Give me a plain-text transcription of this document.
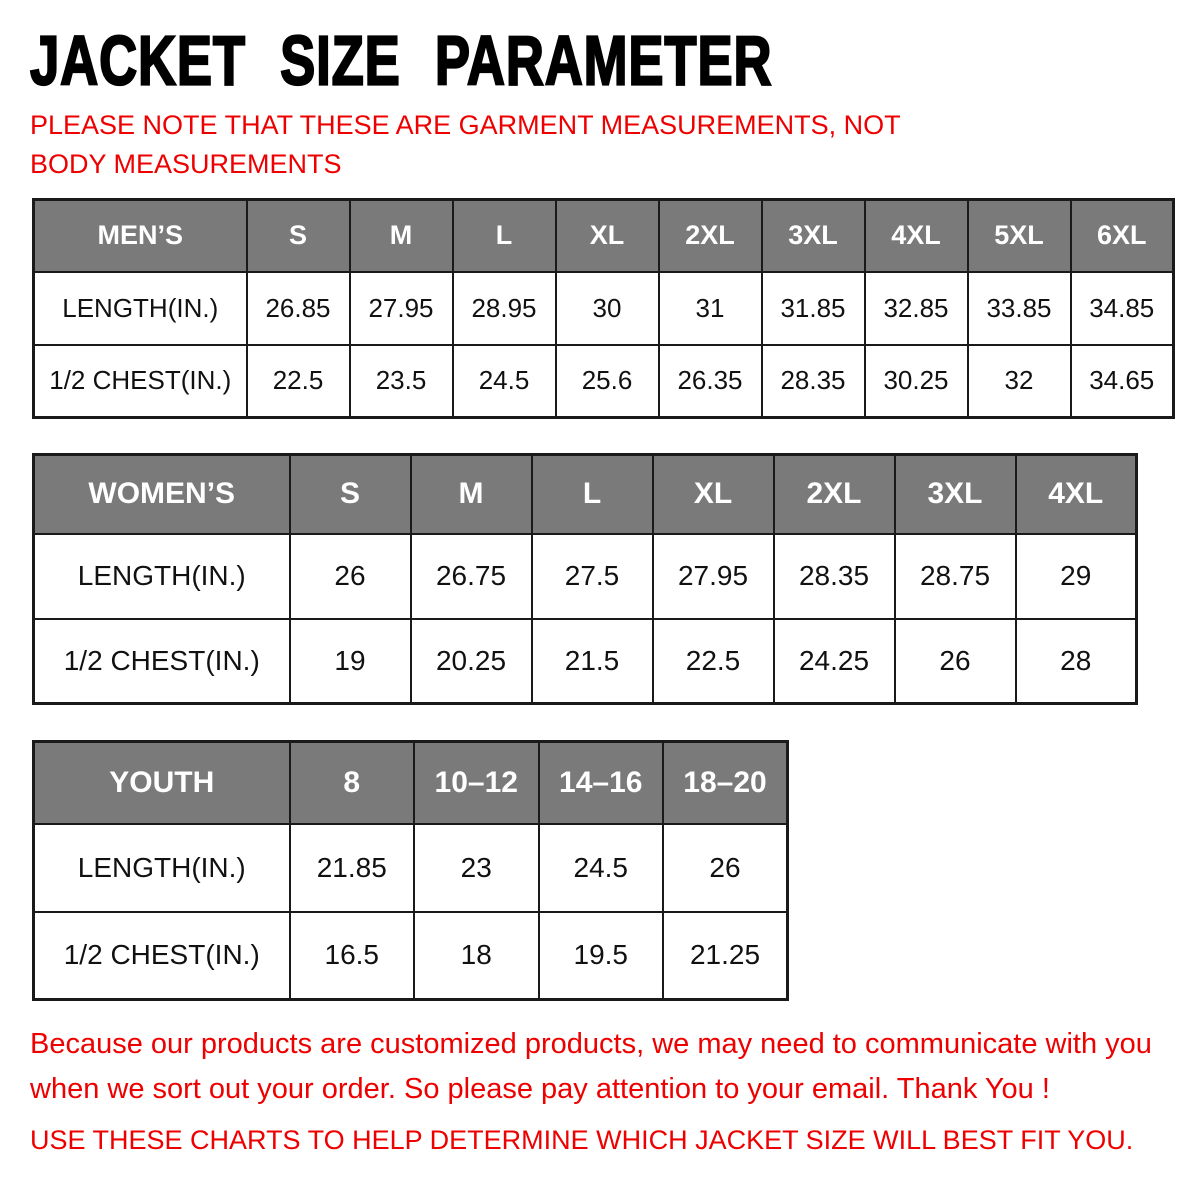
JACKET SIZE PARAMETER

PLEASE NOTE THAT THESE ARE GARMENT MEASUREMENTS, NOT BODY MEASUREMENTS

MEN’S	S	M	L	XL	2XL	3XL	4XL	5XL	6XL
LENGTH(IN.)	26.85	27.95	28.95	30	31	31.85	32.85	33.85	34.85
1/2 CHEST(IN.)	22.5	23.5	24.5	25.6	26.35	28.35	30.25	32	34.65
WOMEN’S	S	M	L	XL	2XL	3XL	4XL
LENGTH(IN.)	26	26.75	27.5	27.95	28.35	28.75	29
1/2 CHEST(IN.)	19	20.25	21.5	22.5	24.25	26	28
YOUTH	8	10–12	14–16	18–20
LENGTH(IN.)	21.85	23	24.5	26
1/2 CHEST(IN.)	16.5	18	19.5	21.25

Because our products are customized products, we may need to communicate with you when we sort out your order. So please pay attention to your email. Thank You !

USE THESE CHARTS TO HELP DETERMINE WHICH JACKET SIZE WILL BEST FIT YOU.
